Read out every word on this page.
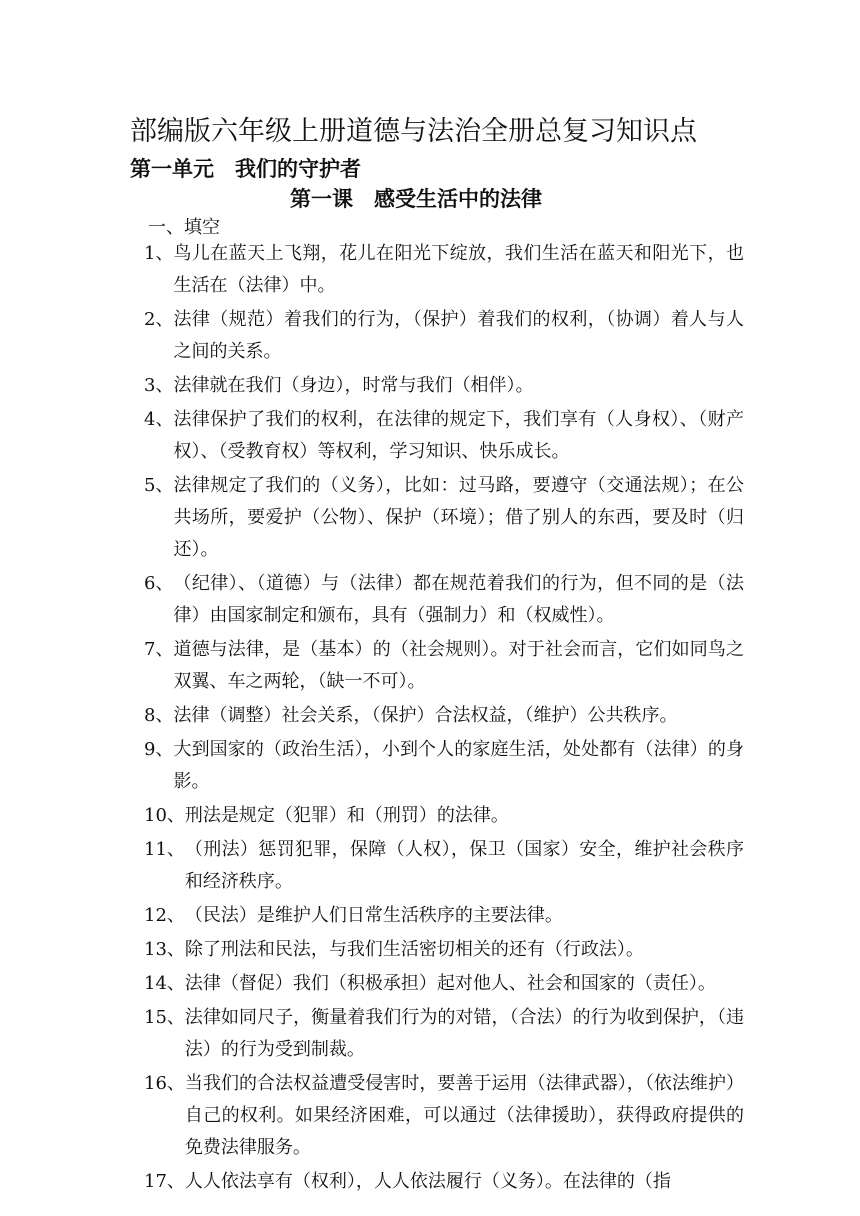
部编版六年级上册道德与法治全册总复习知识点
第一单元　我们的守护者
第一课　感受生活中的法律
一、填空
1、 鸟儿在蓝天上飞翔，花儿在阳光下绽放，我们生活在蓝天和阳光下，也生活在（法律）中。
2、 法律（规范）着我们的行为，（保护）着我们的权利，（协调）着人与人之间的关系。
3、 法律就在我们（身边），时常与我们（相伴）。
4、 法律保护了我们的权利，在法律的规定下，我们享有（人身权）、（财产权）、（受教育权）等权利，学习知识、快乐成长。
5、 法律规定了我们的（义务），比如：过马路，要遵守（交通法规）；在公共场所，要爱护（公物）、保护（环境）；借了别人的东西，要及时（归还）。
6、 （纪律）、（道德）与（法律）都在规范着我们的行为，但不同的是（法律）由国家制定和颁布，具有（强制力）和（权威性）。
7、 道德与法律，是（基本）的（社会规则）。对于社会而言，它们如同鸟之双翼、车之两轮，（缺一不可）。
8、 法律（调整）社会关系，（保护）合法权益，（维护）公共秩序。
9、 大到国家的（政治生活），小到个人的家庭生活，处处都有（法律）的身影。
10、 刑法是规定（犯罪）和（刑罚）的法律。
11、 （刑法）惩罚犯罪，保障（人权），保卫（国家）安全，维护社会秩序和经济秩序。
12、 （民法）是维护人们日常生活秩序的主要法律。
13、 除了刑法和民法，与我们生活密切相关的还有（行政法）。
14、 法律（督促）我们（积极承担）起对他人、社会和国家的（责任）。
15、 法律如同尺子，衡量着我们行为的对错，（合法）的行为收到保护，（违法）的行为受到制裁。
16、 当我们的合法权益遭受侵害时，要善于运用（法律武器），（依法维护）自己的权利。如果经济困难，可以通过（法律援助），获得政府提供的免费法律服务。
17、 人人依法享有（权利），人人依法履行（义务）。在法律的（指
